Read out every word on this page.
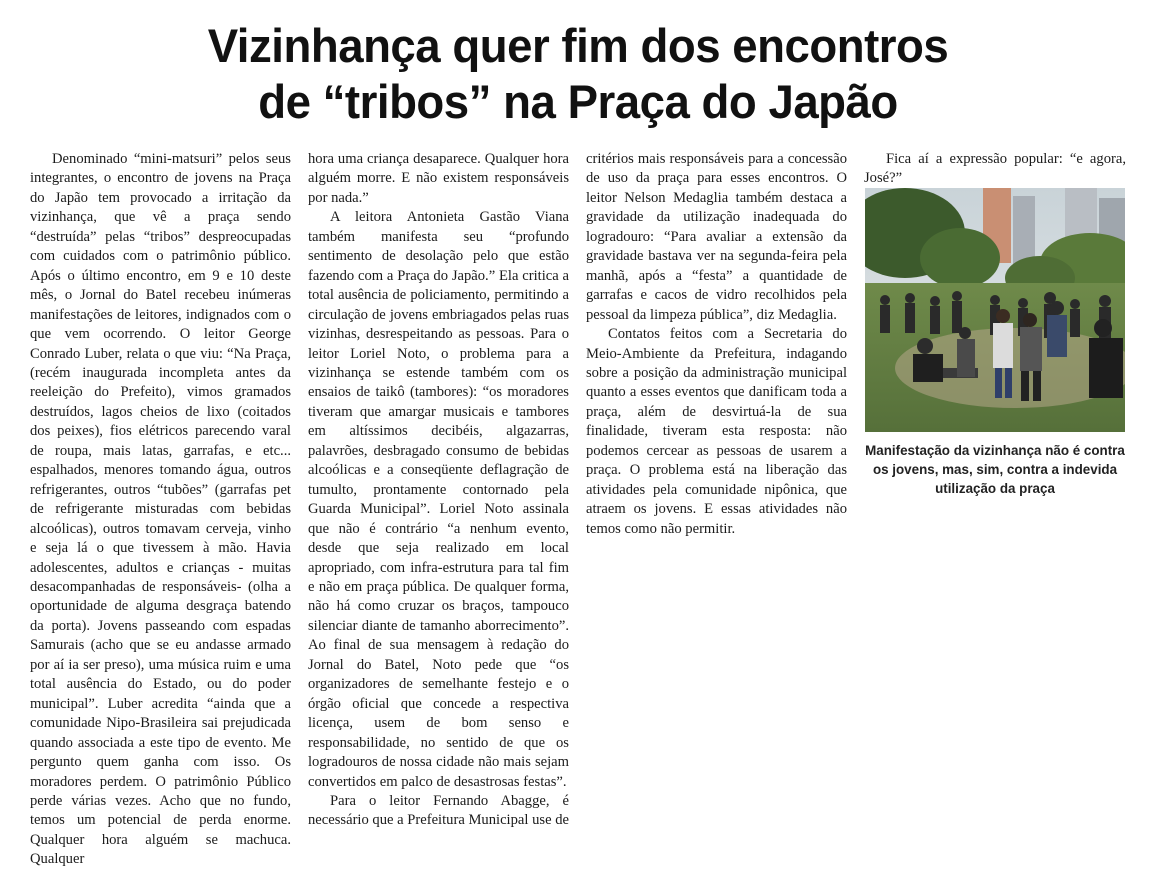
Vizinhança quer fim dos encontros
de “tribos” na Praça do Japão

Denominado “mini-matsuri” pelos seus integrantes, o encontro de jovens na Praça do Japão tem provocado a irritação da vizinhança, que vê a praça sendo “destruída” pelas “tribos” despreocupadas com cuidados com o patrimônio público. Após o último encontro, em 9 e 10 deste mês, o Jornal do Batel recebeu inúmeras manifestações de leitores, indignados com o que vem ocorrendo. O leitor George Conrado Luber, relata o que viu: “Na Praça, (recém inaugurada incompleta antes da reeleição do Prefeito), vimos gramados destruídos, lagos cheios de lixo (coitados dos peixes), fios elétricos parecendo varal de roupa, mais latas, garrafas, e etc... espalhados, menores tomando água, outros refrigerantes, outros “tubões” (garrafas pet de refrigerante misturadas com bebidas alcoólicas), outros tomavam cerveja, vinho e seja lá o que tivessem à mão. Havia adolescentes, adultos e crianças - muitas desacompanhadas de responsáveis- (olha a oportunidade de alguma desgraça batendo da porta). Jovens passeando com espadas Samurais (acho que se eu andasse armado por aí ia ser preso), uma música ruim e uma total ausência do Estado, ou do poder municipal”. Luber acredita “ainda que a comunidade Nipo-Brasileira sai prejudicada quando associada a este tipo de evento. Me pergunto quem ganha com isso. Os moradores perdem. O patrimônio Público perde várias vezes. Acho que no fundo, temos um potencial de perda enorme. Qualquer hora alguém se machuca. Qualquer

hora uma criança desaparece. Qualquer hora alguém morre. E não existem responsáveis por nada.”

A leitora Antonieta Gastão Viana também manifesta seu “profundo sentimento de desolação pelo que estão fazendo com a Praça do Japão.” Ela critica a total ausência de policiamento, permitindo a circulação de jovens embriagados pelas ruas vizinhas, desrespeitando as pessoas. Para o leitor Loriel Noto, o problema para a vizinhança se estende também com os ensaios de taikô (tambores): “os moradores tiveram que amargar musicais e tambores em altíssimos decibéis, algazarras, palavrões, desbragado consumo de bebidas alcoólicas e a conseqüente deflagração de tumulto, prontamente contornado pela Guarda Municipal”. Loriel Noto assinala que não é contrário “a nenhum evento, desde que seja realizado em local apropriado, com infra-estrutura para tal fim e não em praça pública. De qualquer forma, não há como cruzar os braços, tampouco silenciar diante de tamanho aborrecimento”. Ao final de sua mensagem à redação do Jornal do Batel, Noto pede que “os organizadores de semelhante festejo e o órgão oficial que concede a respectiva licença, usem de bom senso e responsabilidade, no sentido de que os logradouros de nossa cidade não mais sejam convertidos em palco de desastrosas festas”.

Para o leitor Fernando Abagge, é necessário que a Prefeitura Municipal use de

critérios mais responsáveis para a concessão de uso da praça para esses encontros. O leitor Nelson Medaglia também destaca a gravidade da utilização inadequada do logradouro: “Para avaliar a extensão da gravidade bastava ver na segunda-feira pela manhã, após a “festa” a quantidade de garrafas e cacos de vidro recolhidos pela pessoal da limpeza pública”, diz Medaglia.

Contatos feitos com a Secretaria do Meio-Ambiente da Prefeitura, indagando sobre a posição da administração municipal quanto a esses eventos que danificam toda a praça, além de desvirtuá-la de sua finalidade, tiveram esta resposta: não podemos cercear as pessoas de usarem a praça. O problema está na liberação das atividades pela comunidade nipônica, que atraem os jovens. E essas atividades não temos como não permitir.

Fica aí a expressão popular: “e agora, José?”

Manifestação da vizinhança não é contra os jovens, mas, sim, contra a indevida utilização da praça
